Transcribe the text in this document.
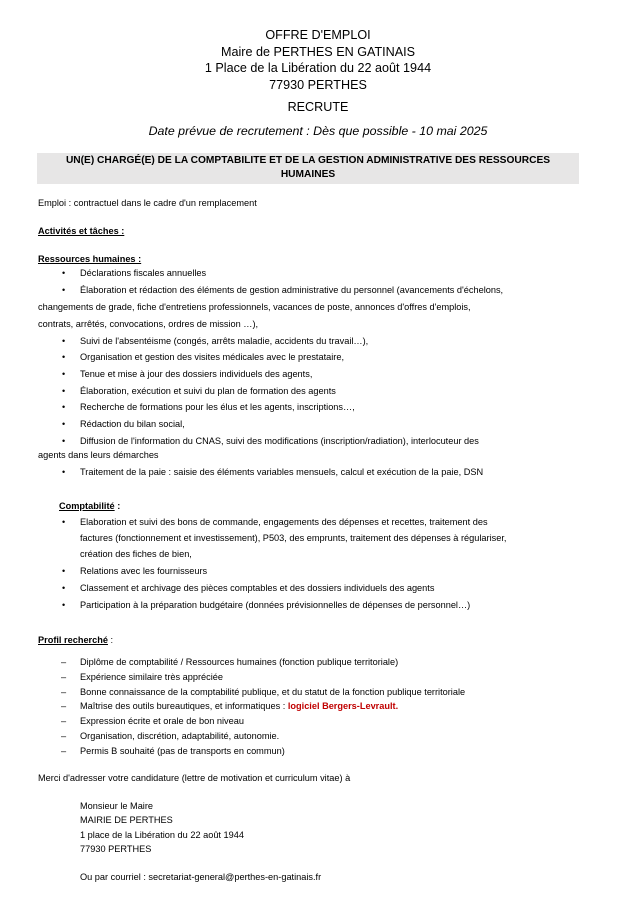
OFFRE D'EMPLOI
Maire de PERTHES EN GATINAIS
1 Place de la Libération du 22 août 1944
77930 PERTHES
RECRUTE
Date prévue de recrutement : Dès que possible - 10 mai 2025
UN(E) CHARGÉ(E) DE LA COMPTABILITE ET DE LA GESTION ADMINISTRATIVE DES RESSOURCES
HUMAINES
Emploi : contractuel dans le cadre d'un remplacement
Activités et tâches :
Ressources humaines :
• Déclarations fiscales annuelles
• Élaboration et rédaction des éléments de gestion administrative du personnel (avancements d'échelons,
changements de grade, fiche d'entretiens professionnels, vacances de poste, annonces d'offres d'emplois,
contrats, arrêtés, convocations, ordres de mission …),
• Suivi de l'absentéisme (congés, arrêts maladie, accidents du travail…),
• Organisation et gestion des visites médicales avec le prestataire,
• Tenue et mise à jour des dossiers individuels des agents,
• Élaboration, exécution et suivi du plan de formation des agents
• Recherche de formations pour les élus et les agents, inscriptions…,
• Rédaction du bilan social,
• Diffusion de l'information du CNAS, suivi des modifications (inscription/radiation), interlocuteur des
agents dans leurs démarches
• Traitement de la paie : saisie des éléments variables mensuels, calcul et exécution de la paie, DSN
Comptabilité :
• Elaboration et suivi des bons de commande, engagements des dépenses et recettes, traitement des
factures (fonctionnement et investissement), P503, des emprunts, traitement des dépenses à régulariser,
création des fiches de bien,
• Relations avec les fournisseurs
• Classement et archivage des pièces comptables et des dossiers individuels des agents
• Participation à la préparation budgétaire (données prévisionnelles de dépenses de personnel…)
Profil recherché :
– Diplôme de comptabilité / Ressources humaines (fonction publique territoriale)
– Expérience similaire très appréciée
– Bonne connaissance de la comptabilité publique, et du statut de la fonction publique territoriale
– Maîtrise des outils bureautiques, et informatiques : logiciel Bergers-Levrault.
– Expression écrite et orale de bon niveau
– Organisation, discrétion, adaptabilité, autonomie.
– Permis B souhaité (pas de transports en commun)
Merci d'adresser votre candidature (lettre de motivation et curriculum vitae) à
Monsieur le Maire
MAIRIE DE PERTHES
1 place de la Libération du 22 août 1944
77930 PERTHES
Ou par courriel : secretariat-general@perthes-en-gatinais.fr
